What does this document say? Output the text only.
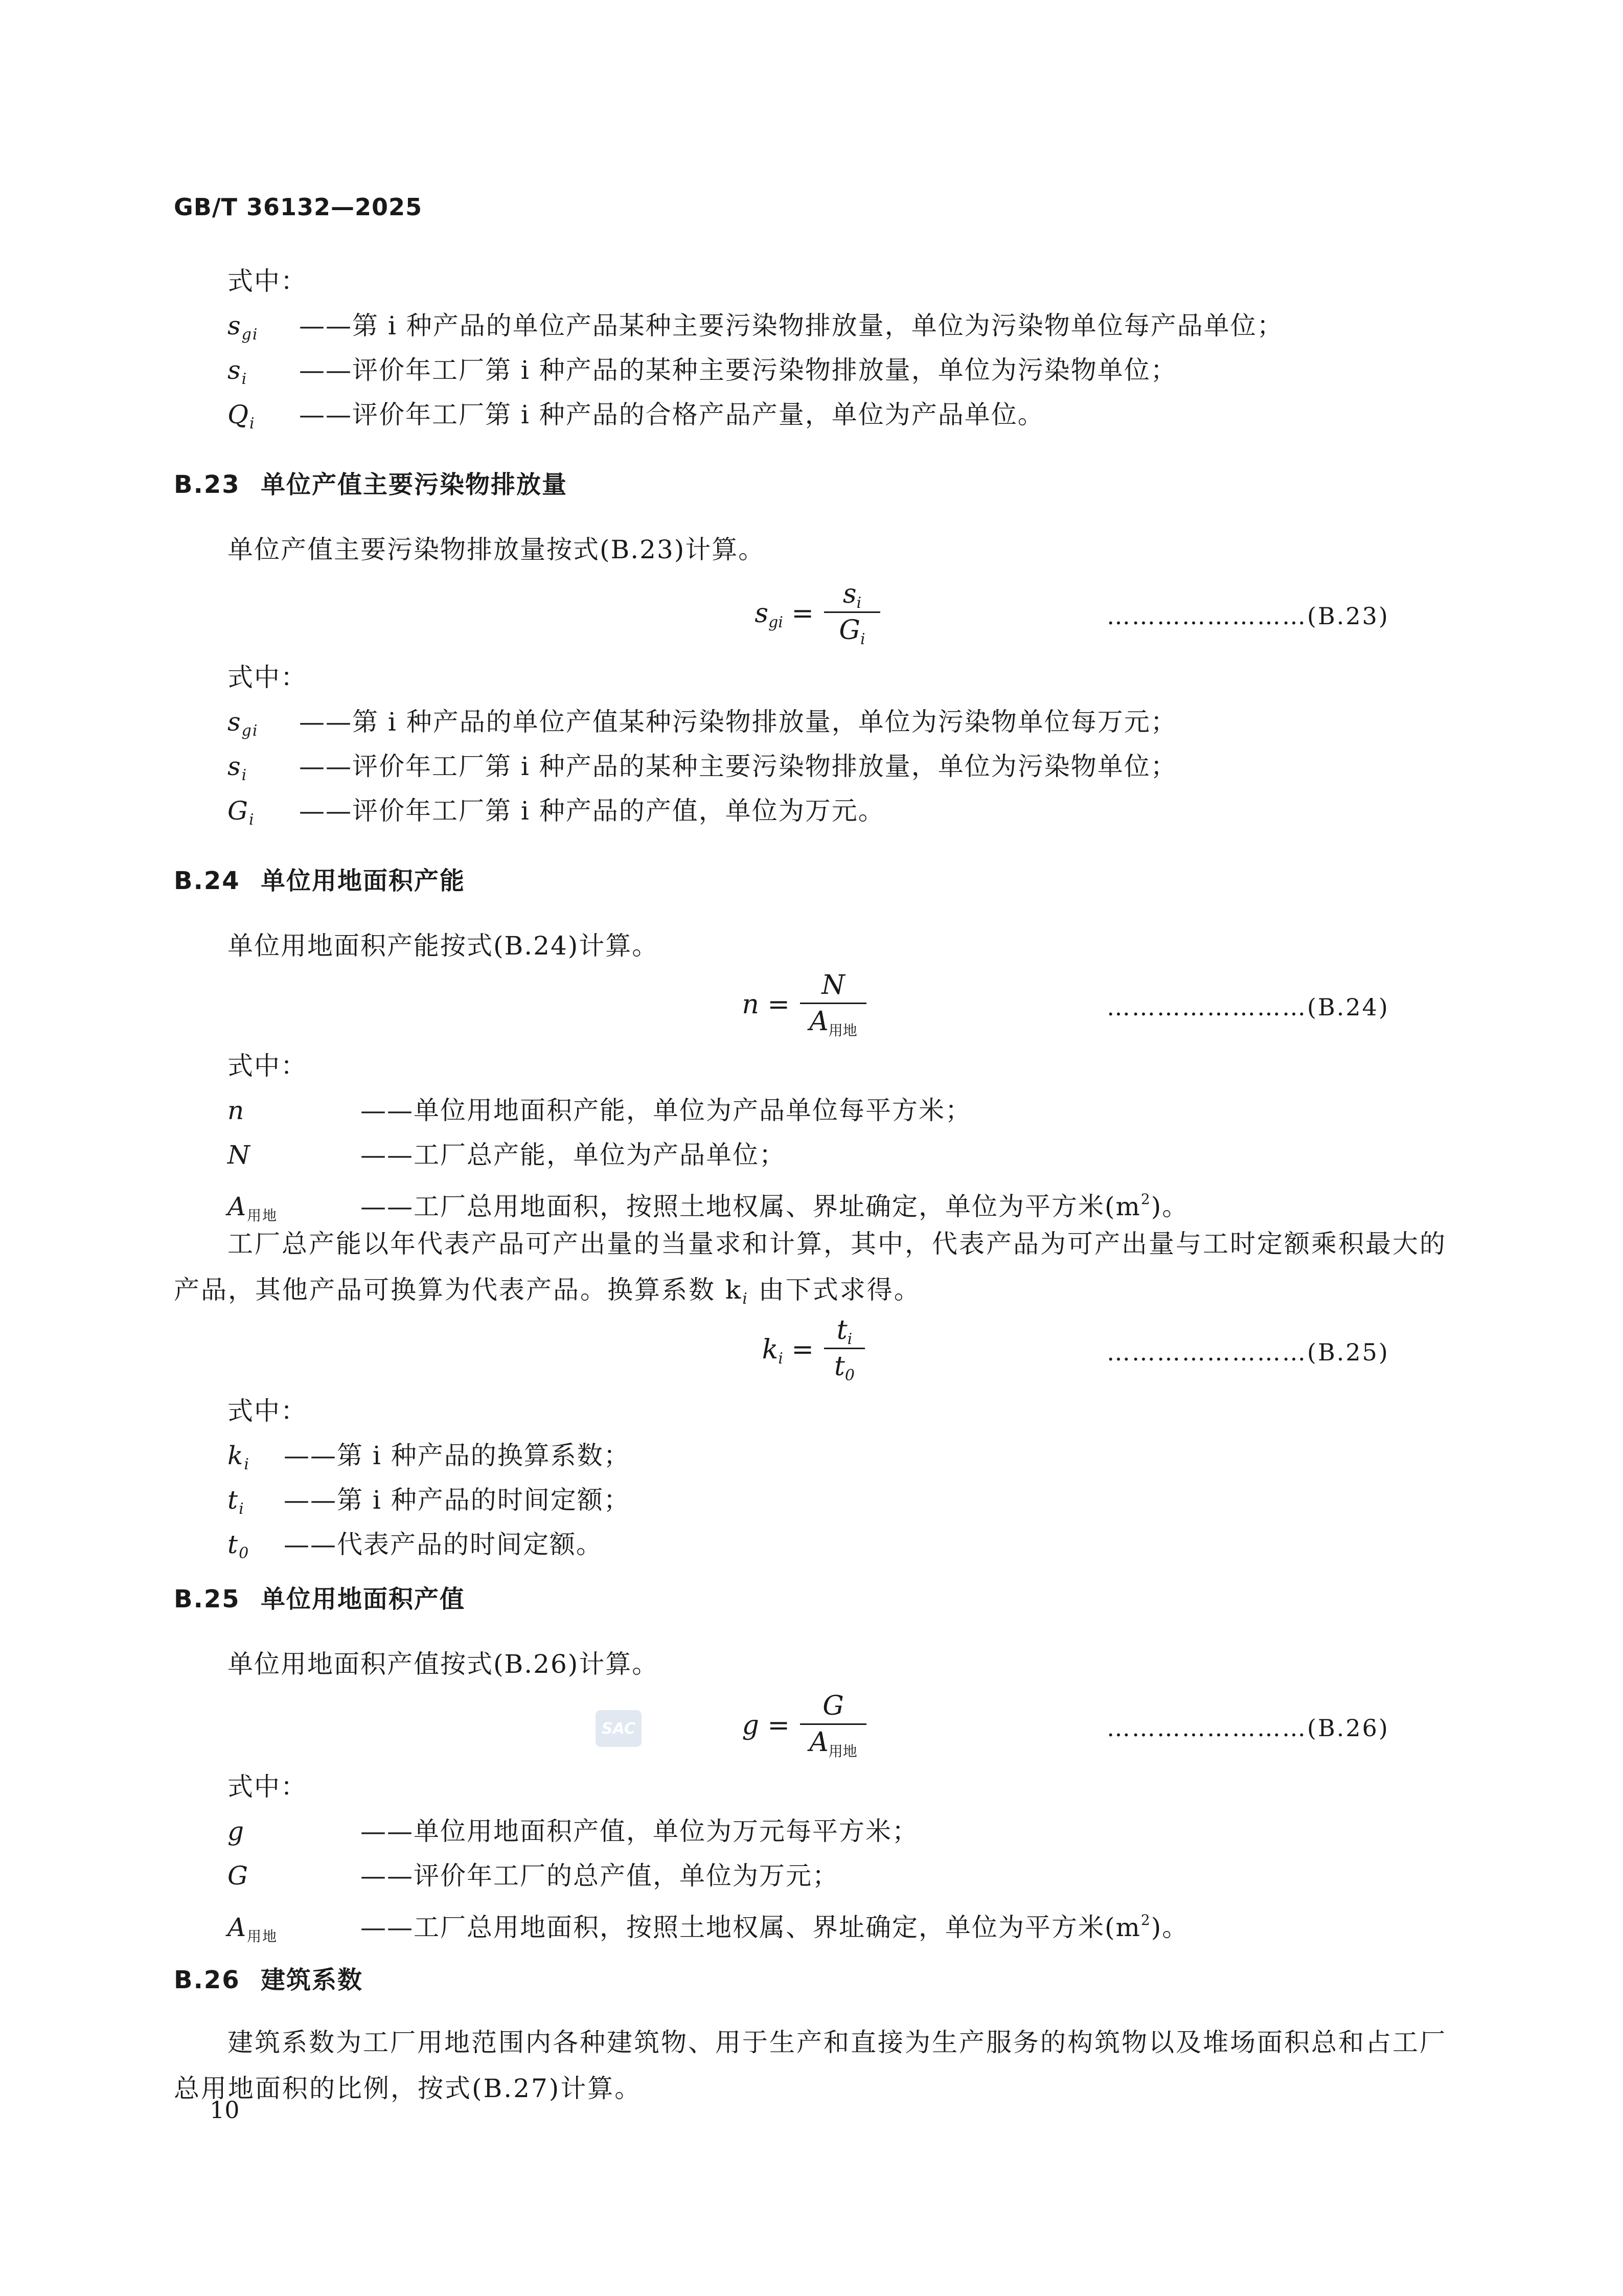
GB/T 36132—2025
式中：
$s_{gi}$ ——第 i 种产品的单位产品某种主要污染物排放量，单位为污染物单位每产品单位；
$s_i$ ——评价年工厂第 i 种产品的某种主要污染物排放量，单位为污染物单位；
$Q_i$ ——评价年工厂第 i 种产品的合格产品产量，单位为产品单位。
B.23 单位产值主要污染物排放量
单位产值主要污染物排放量按式(B.23)计算。
$s_{gi}$ =
$s_i$
$G_i$
……………………(B.23)
式中：
$s_{gi}$ ——第 i 种产品的单位产值某种污染物排放量，单位为污染物单位每万元；
$s_i$ ——评价年工厂第 i 种产品的某种主要污染物排放量，单位为污染物单位；
$G_i$ ——评价年工厂第 i 种产品的产值，单位为万元。
B.24 单位用地面积产能
单位用地面积产能按式(B.24)计算。
n =
N
A用地
……………………(B.24)
式中：
n	——单位用地面积产能，单位为产品单位每平方米；
N	——工厂总产能，单位为产品单位；
$A_{用地}$	——工厂总用地面积，按照土地权属、界址确定，单位为平方米$(m^2)$。
工厂总产能以年代表产品可产出量的当量求和计算，其中，代表产品为可产出量与工时定额乘积最大的产品，其他产品可换算为代表产品。换算系数 $k_i$ 由下式求得。
$k_i$ =
$t_i$
$t_0$
……………………(B.25)
式中：
$k_i$ ——第 i 种产品的换算系数；
$t_i$ ——第 i 种产品的时间定额；
$t_0$ ——代表产品的时间定额。
B.25 单位用地面积产值
单位用地面积产值按式(B.26)计算。
SAC	g =
G
A用地
……………………(B.26)
式中：
g	——单位用地面积产值，单位为万元每平方米；
G	——评价年工厂的总产值，单位为万元；
$A_{用地}$	——工厂总用地面积，按照土地权属、界址确定，单位为平方米$(m^2)$。
B.26 建筑系数
建筑系数为工厂用地范围内各种建筑物、用于生产和直接为生产服务的构筑物以及堆场面积总和占工厂总用地面积的比例，按式(B.27)计算。
10
